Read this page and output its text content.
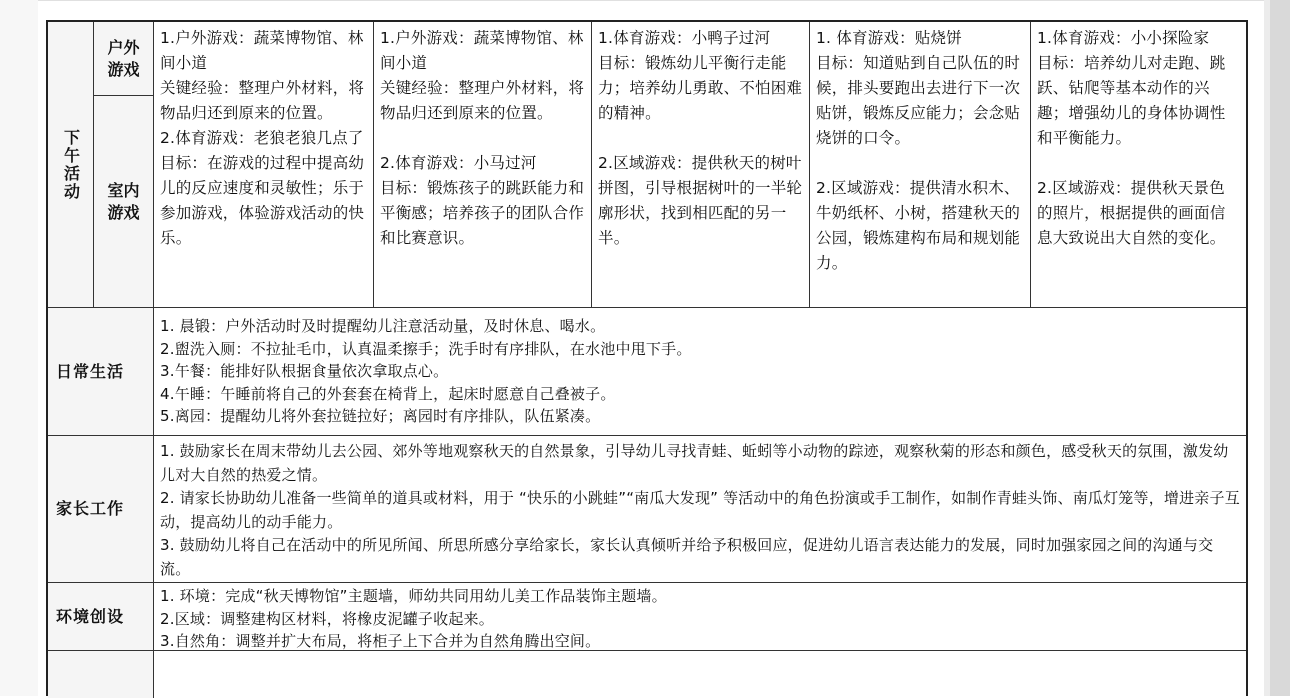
下午活动
户外游戏
室内游戏
1.户外游戏：蔬菜博物馆、林间小道
关键经验：整理户外材料，将物品归还到原来的位置。
2.体育游戏：老狼老狼几点了
目标：在游戏的过程中提高幼儿的反应速度和灵敏性；乐于参加游戏，体验游戏活动的快乐。
1.户外游戏：蔬菜博物馆、林间小道
关键经验：整理户外材料，将物品归还到原来的位置。

2.体育游戏：小马过河
目标：锻炼孩子的跳跃能力和平衡感；培养孩子的团队合作和比赛意识。
1.体育游戏：小鸭子过河
目标：锻炼幼儿平衡行走能力；培养幼儿勇敢、不怕困难的精神。

2.区域游戏：提供秋天的树叶拼图，引导根据树叶的一半轮廓形状，找到相匹配的另一半。
1. 体育游戏：贴烧饼
目标：知道贴到自己队伍的时候，排头要跑出去进行下一次贴饼，锻炼反应能力；会念贴烧饼的口令。

2.区域游戏：提供清水积木、牛奶纸杯、小树，搭建秋天的公园，锻炼建构布局和规划能力。
1.体育游戏：小小探险家
目标：培养幼儿对走跑、跳跃、钻爬等基本动作的兴趣；增强幼儿的身体协调性和平衡能力。

2.区域游戏：提供秋天景色的照片，根据提供的画面信息大致说出大自然的变化。
日常生活
1. 晨锻：户外活动时及时提醒幼儿注意活动量，及时休息、喝水。
2.盥洗入厕：不拉扯毛巾，认真温柔擦手；洗手时有序排队，在水池中甩下手。
3.午餐：能排好队根据食量依次拿取点心。
4.午睡：午睡前将自己的外套套在椅背上，起床时愿意自己叠被子。
5.离园：提醒幼儿将外套拉链拉好；离园时有序排队，队伍紧凑。
家长工作
1. 鼓励家长在周末带幼儿去公园、郊外等地观察秋天的自然景象，引导幼儿寻找青蛙、蚯蚓等小动物的踪迹，观察秋菊的形态和颜色，感受秋天的氛围，激发幼儿对大自然的热爱之情。
2. 请家长协助幼儿准备一些简单的道具或材料，用于 “快乐的小跳蛙”“南瓜大发现” 等活动中的角色扮演或手工制作，如制作青蛙头饰、南瓜灯笼等，增进亲子互动，提高幼儿的动手能力。
3. 鼓励幼儿将自己在活动中的所见所闻、所思所感分享给家长，家长认真倾听并给予积极回应，促进幼儿语言表达能力的发展，同时加强家园之间的沟通与交流。
环境创设
1. 环境：完成“秋天博物馆”主题墙，师幼共同用幼儿美工作品装饰主题墙。
2.区域：调整建构区材料，将橡皮泥罐子收起来。
3.自然角：调整并扩大布局，将柜子上下合并为自然角腾出空间。
